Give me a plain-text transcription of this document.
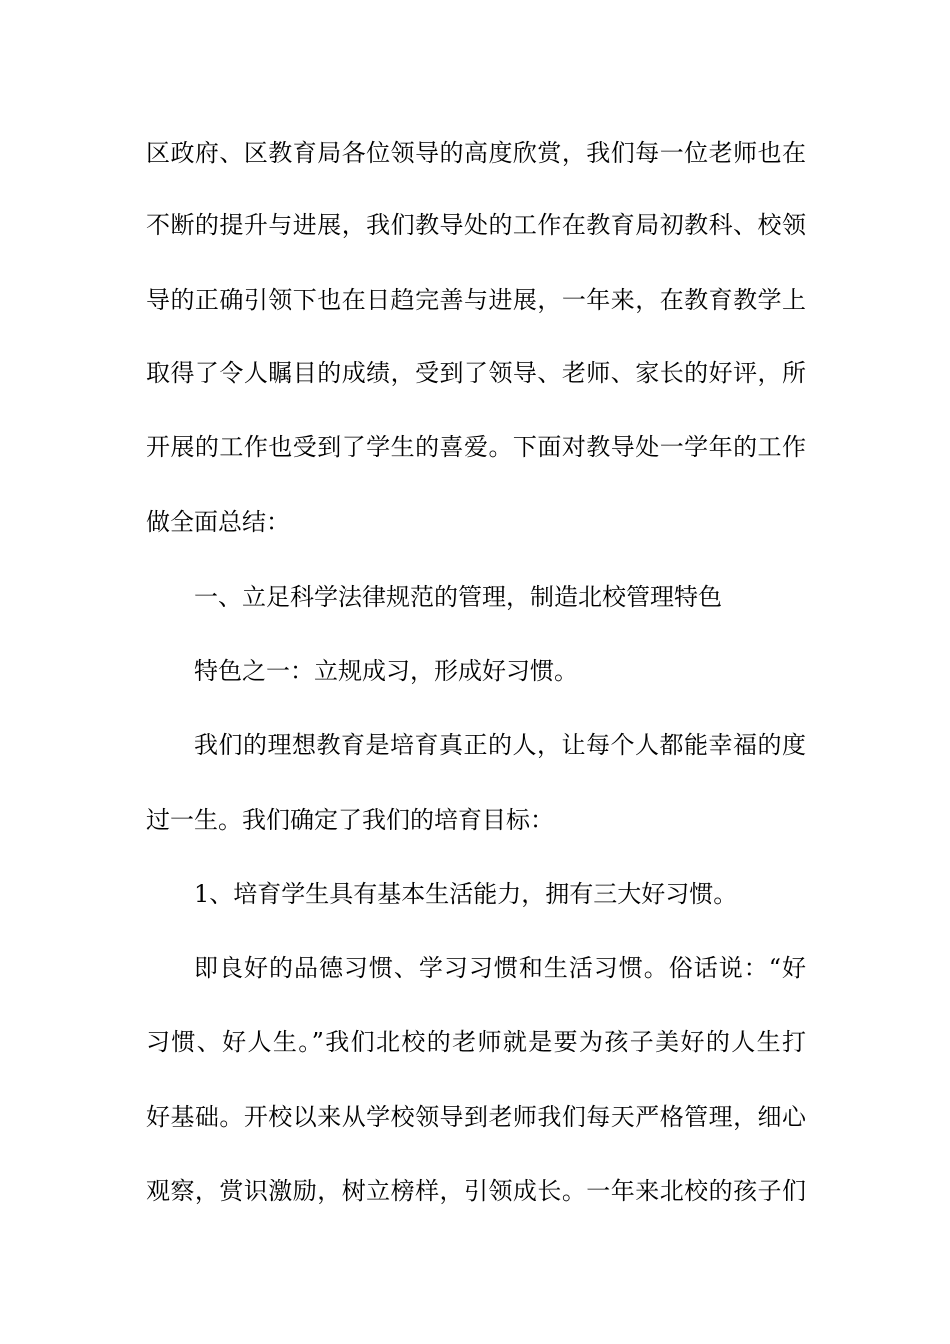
区政府、区教育局各位领导的高度欣赏，我们每一位老师也在
不断的提升与进展，我们教导处的工作在教育局初教科、校领
导的正确引领下也在日趋完善与进展，一年来，在教育教学上
取得了令人瞩目的成绩，受到了领导、老师、家长的好评，所
开展的工作也受到了学生的喜爱。下面对教导处一学年的工作
做全面总结：
一、立足科学法律规范的管理，制造北校管理特色
特色之一：立规成习，形成好习惯。
我们的理想教育是培育真正的人，让每个人都能幸福的度
过一生。我们确定了我们的培育目标：
1、培育学生具有基本生活能力，拥有三大好习惯。
即良好的品德习惯、学习习惯和生活习惯。俗话说：“好
习惯、好人生。”我们北校的老师就是要为孩子美好的人生打
好基础。开校以来从学校领导到老师我们每天严格管理，细心
观察，赏识激励，树立榜样，引领成长。一年来北校的孩子们
